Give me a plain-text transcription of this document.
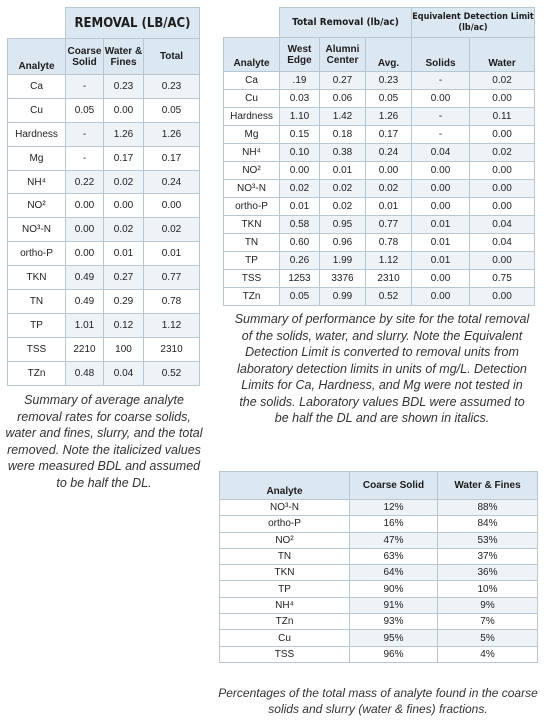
	REMOVAL (LB/AC)		
Analyte	Coarse Solid	Water & Fines	Total
Ca	-	0.23	0.23
Cu	0.05	0.00	0.05
Hardness	-	1.26	1.26
Mg	-	0.17	0.17
NH⁴	0.22	0.02	0.24
NO²	0.00	0.00	0.00
NO³-N	0.00	0.02	0.02
ortho-P	0.00	0.01	0.01
TKN	0.49	0.27	0.77
TN	0.49	0.29	0.78
TP	1.01	0.12	1.12
TSS	2210	100	2310
TZn	0.48	0.04	0.52
Summary of average analyte removal rates for coarse solids, water and fines, slurry, and the total removed. Note the italicized values were measured BDL and assumed to be half the DL.
	Total Removal (lb/ac)			Equivalent Detection Limit (lb/ac)	
Analyte	West Edge	Alumni Center	Avg.	Solids	Water
Ca	.19	0.27	0.23	-	0.02
Cu	0.03	0.06	0.05	0.00	0.00
Hardness	1.10	1.42	1.26	-	0.11
Mg	0.15	0.18	0.17	-	0.00
NH⁴	0.10	0.38	0.24	0.04	0.02
NO²	0.00	0.01	0.00	0.00	0.00
NO³-N	0.02	0.02	0.02	0.00	0.00
ortho-P	0.01	0.02	0.01	0.00	0.00
TKN	0.58	0.95	0.77	0.01	0.04
TN	0.60	0.96	0.78	0.01	0.04
TP	0.26	1.99	1.12	0.01	0.00
TSS	1253	3376	2310	0.00	0.75
TZn	0.05	0.99	0.52	0.00	0.00
Summary of performance by site for the total removal of the solids, water, and slurry. Note the Equivalent Detection Limit is converted to removal units from laboratory detection limits in units of mg/L. Detection Limits for Ca, Hardness, and Mg were not tested in the solids. Laboratory values BDL were assumed to be half the DL and are shown in italics.
Analyte	Coarse Solid	Water & Fines
NO³-N	12%	88%
ortho-P	16%	84%
NO²	47%	53%
TN	63%	37%
TKN	64%	36%
TP	90%	10%
NH⁴	91%	9%
TZn	93%	7%
Cu	95%	5%
TSS	96%	4%
Percentages of the total mass of analyte found in the coarse solids and slurry (water & fines) fractions.
